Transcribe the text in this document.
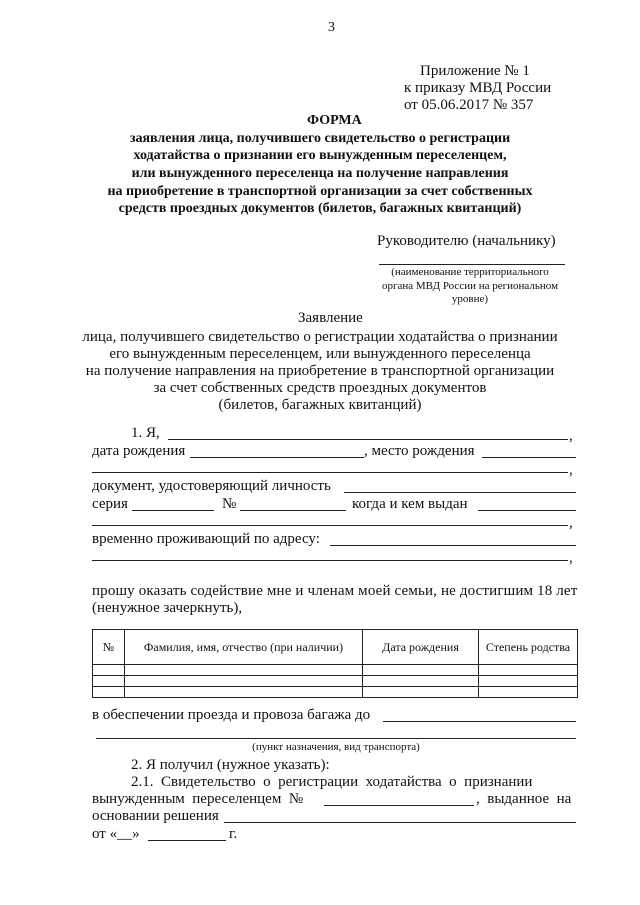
3
Приложение № 1
к приказу МВД России
от 05.06.2017 № 357
ФОРМА
заявления лица, получившего свидетельство о регистрации
ходатайства о признании его вынужденным переселенцем,
или вынужденного переселенца на получение направления
на приобретение в транспортной организации за счет собственных
средств проездных документов (билетов, багажных квитанций)
Руководителю (начальнику)
(наименование территориального
органа МВД России на региональном
уровне)
Заявление
лица, получившего свидетельство о регистрации ходатайства о признании
его вынужденным переселенцем, или вынужденного переселенца
на получение направления на приобретение в транспортной организации
за счет собственных средств проездных документов
(билетов, багажных квитанций)
1. Я,	,
дата рождения	, место рождения
,
документ, удостоверяющий личность
серия	№	когда и кем выдан
,
временно проживающий по адресу:
,
прошу оказать содействие мне и членам моей семьи, не достигшим 18 лет
(ненужное зачеркнуть),
№	Фамилия, имя, отчество (при наличии)	Дата рождения	Степень родства

в обеспечении проезда и провоза багажа до
(пункт назначения, вид транспорта)
2. Я получил (нужное указать):
2.1.  Свидетельство  о  регистрации  ходатайства  о  признании
вынужденным  переселенцем  №	,  выданное  на
основании решения
от «__»	г.
